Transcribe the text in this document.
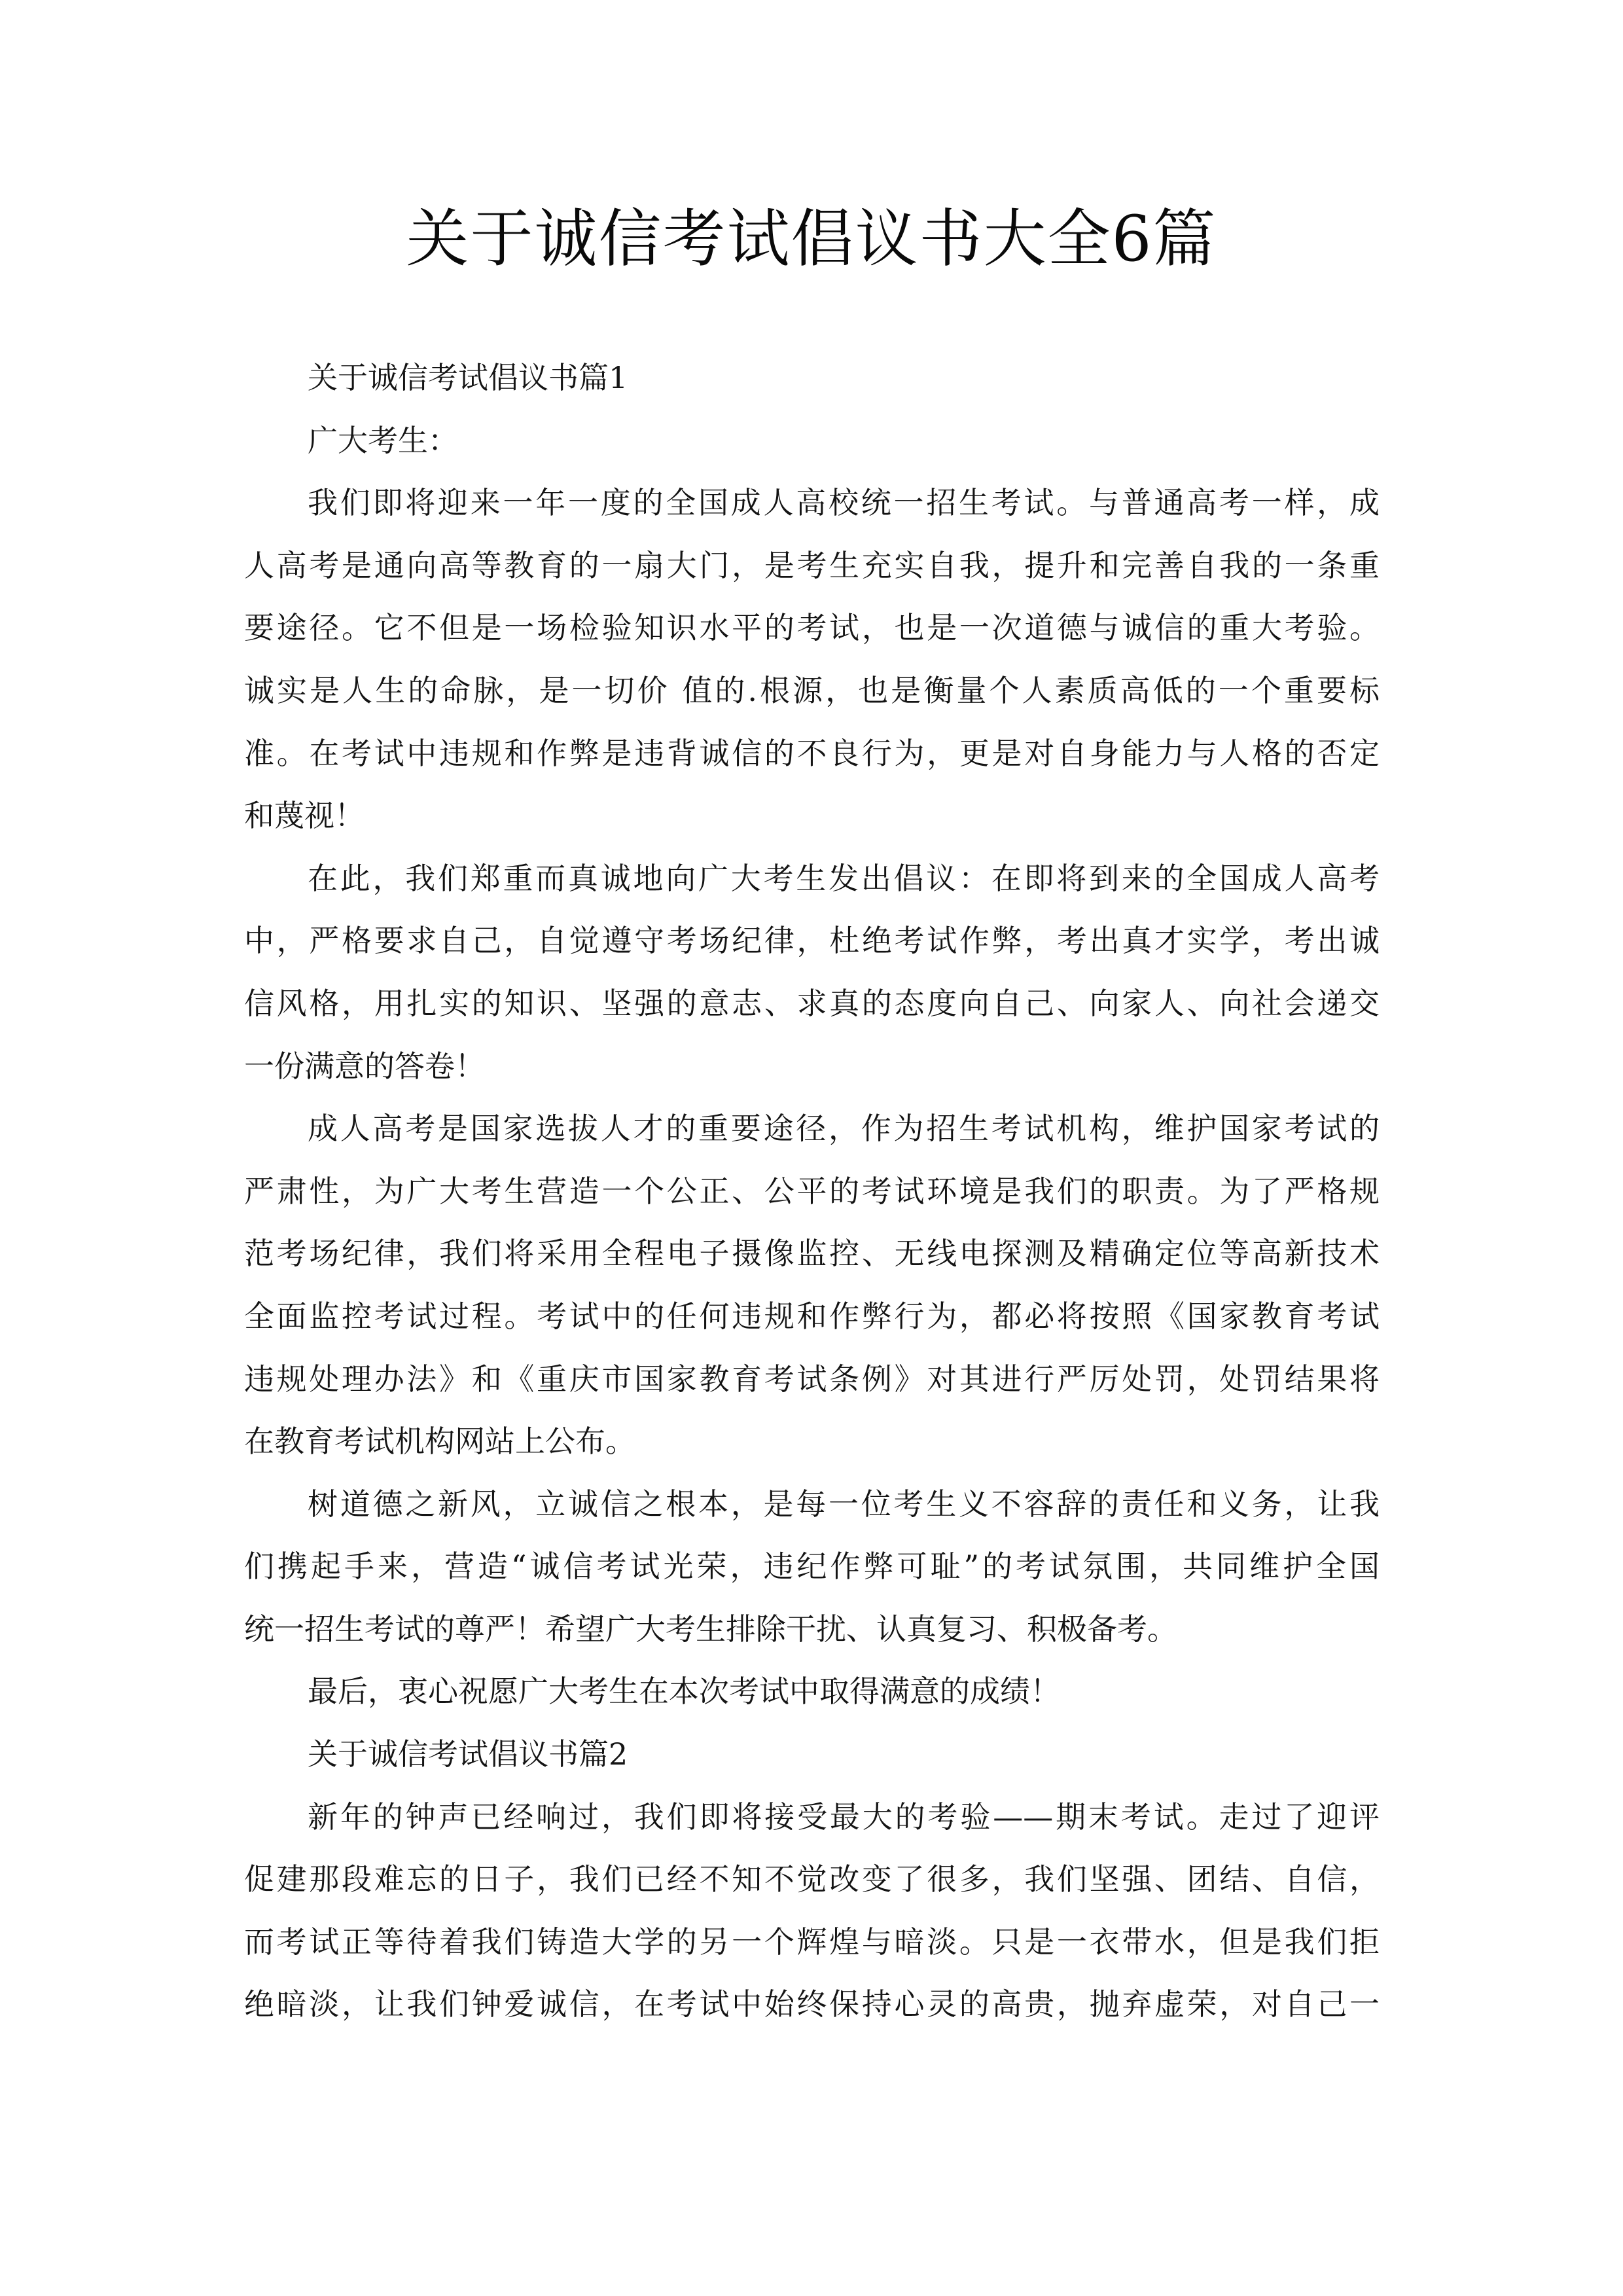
关于诚信考试倡议书大全6篇
关于诚信考试倡议书篇1
广大考生：
我们即将迎来一年一度的全国成人高校统一招生考试。与普通高考一样，成
人高考是通向高等教育的一扇大门，是考生充实自我，提升和完善自我的一条重
要途径。它不但是一场检验知识水平的考试，也是一次道德与诚信的重大考验。
诚实是人生的命脉，是一切价 值的.根源，也是衡量个人素质高低的一个重要标
准。在考试中违规和作弊是违背诚信的不良行为，更是对自身能力与人格的否定
和蔑视！
在此，我们郑重而真诚地向广大考生发出倡议：在即将到来的全国成人高考
中，严格要求自己，自觉遵守考场纪律，杜绝考试作弊，考出真才实学，考出诚
信风格，用扎实的知识、坚强的意志、求真的态度向自己、向家人、向社会递交
一份满意的答卷！
成人高考是国家选拔人才的重要途径，作为招生考试机构，维护国家考试的
严肃性，为广大考生营造一个公正、公平的考试环境是我们的职责。为了严格规
范考场纪律，我们将采用全程电子摄像监控、无线电探测及精确定位等高新技术
全面监控考试过程。考试中的任何违规和作弊行为，都必将按照《国家教育考试
违规处理办法》和《重庆市国家教育考试条例》对其进行严厉处罚，处罚结果将
在教育考试机构网站上公布。
树道德之新风，立诚信之根本，是每一位考生义不容辞的责任和义务，让我
们携起手来，营造“诚信考试光荣，违纪作弊可耻”的考试氛围，共同维护全国
统一招生考试的尊严！希望广大考生排除干扰、认真复习、积极备考。
最后，衷心祝愿广大考生在本次考试中取得满意的成绩！
关于诚信考试倡议书篇2
新年的钟声已经响过，我们即将接受最大的考验——期末考试。走过了迎评
促建那段难忘的日子，我们已经不知不觉改变了很多，我们坚强、团结、自信，
而考试正等待着我们铸造大学的另一个辉煌与暗淡。只是一衣带水，但是我们拒
绝暗淡，让我们钟爱诚信，在考试中始终保持心灵的高贵，抛弃虚荣，对自己一
